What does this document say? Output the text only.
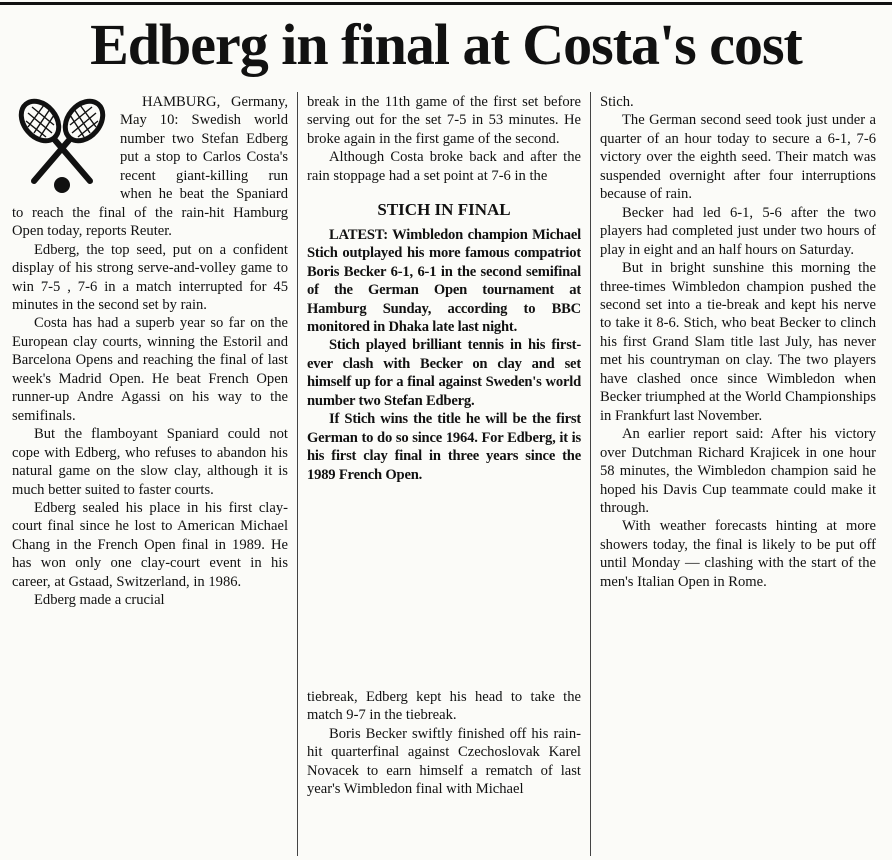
Edberg in final at Costa's cost

HAMBURG, Germany, May 10: Swedish world number two Stefan Edberg put a stop to Carlos Costa's recent giant-killing run when he beat the Spaniard to reach the final of the rain-hit Hamburg Open today, reports Reuter.

Edberg, the top seed, put on a confident display of his strong serve-and-volley game to win 7-5 , 7-6 in a match interrupted for 45 minutes in the second set by rain.

Costa has had a superb year so far on the European clay courts, winning the Estoril and Barcelona Opens and reaching the final of last week's Madrid Open. He beat French Open runner-up Andre Agassi on his way to the semifinals.

But the flamboyant Spaniard could not cope with Edberg, who refuses to abandon his natural game on the slow clay, although it is much better suited to faster courts.

Edberg sealed his place in his first clay-court final since he lost to American Michael Chang in the French Open final in 1989. He has won only one clay-court event in his career, at Gstaad, Switzerland, in 1986.

Edberg made a crucial

break in the 11th game of the first set before serving out for the set 7-5 in 53 minutes. He broke again in the first game of the second.

Although Costa broke back and after the rain stoppage had a set point at 7-6 in the

STICH IN FINAL

LATEST: Wimbledon champion Michael Stich outplayed his more famous compatriot Boris Becker 6-1, 6-1 in the second semifinal of the German Open tournament at Hamburg Sunday, according to BBC monitored in Dhaka late last night.

Stich played brilliant tennis in his first-ever clash with Becker on clay and set himself up for a final against Sweden's world number two Stefan Edberg.

If Stich wins the title he will be the first German to do so since 1964. For Edberg, it is his first clay final in three years since the 1989 French Open.

tiebreak, Edberg kept his head to take the match 9-7 in the tiebreak.

Boris Becker swiftly finished off his rain-hit quarterfinal against Czechoslovak Karel Novacek to earn himself a rematch of last year's Wimbledon final with Michael

Stich.

The German second seed took just under a quarter of an hour today to secure a 6-1, 7-6 victory over the eighth seed. Their match was suspended overnight after four interruptions because of rain.

Becker had led 6-1, 5-6 after the two players had completed just under two hours of play in eight and an half hours on Saturday.

But in bright sunshine this morning the three-times Wimbledon champion pushed the second set into a tie-break and kept his nerve to take it 8-6. Stich, who beat Becker to clinch his first Grand Slam title last July, has never met his countryman on clay. The two players have clashed once since Wimbledon when Becker triumphed at the World Championships in Frankfurt last November.

An earlier report said: After his victory over Dutchman Richard Krajicek in one hour 58 minutes, the Wimbledon champion said he hoped his Davis Cup teammate could make it through.

With weather forecasts hinting at more showers today, the final is likely to be put off until Monday — clashing with the start of the men's Italian Open in Rome.
